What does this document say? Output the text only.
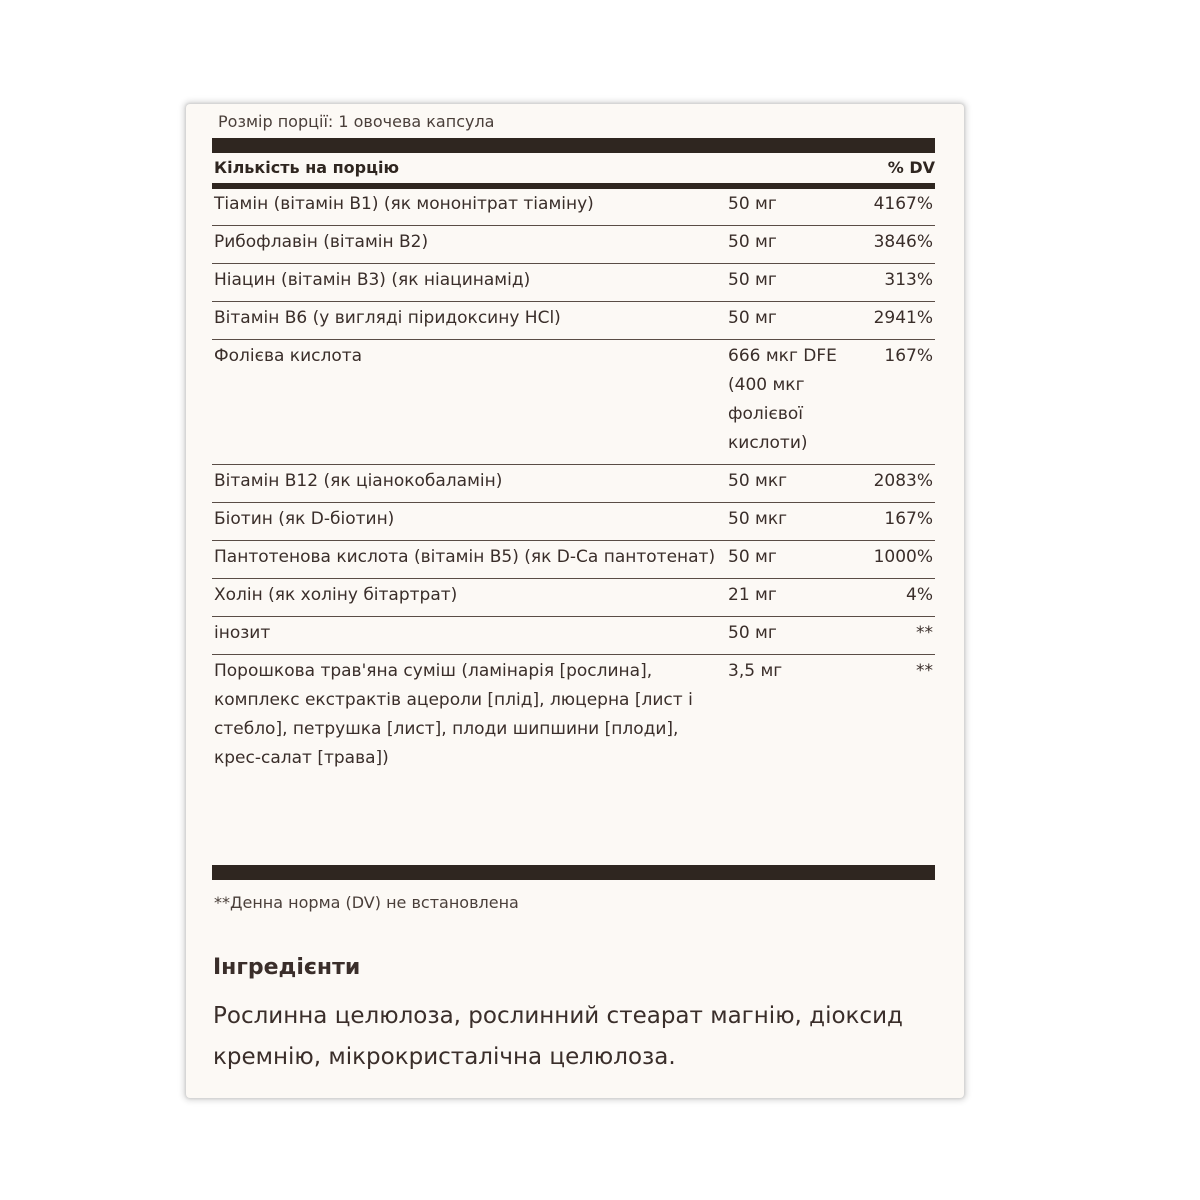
Розмір порції: 1 овочева капсула
Кількість на порцію	% DV
Тіамін (вітамін В1) (як мононітрат тіаміну)	50 мг	4167%

Рибофлавін (вітамін В2)	50 мг	3846%

Ніацин (вітамін В3) (як ніацинамід)	50 мг	313%

Вітамін В6 (у вигляді піридоксину HCl)	50 мг	2941%

Фолієва кислота	666 мкг DFE (400 мкг фолієвої кислоти)	167%

Вітамін В12 (як ціанокобаламін)	50 мкг	2083%

Біотин (як D-біотин)	50 мкг	167%

Пантотенова кислота (вітамін В5) (як D-Ca пантотенат)	50 мг	1000%

Холін (як холіну бітартрат)	21 мг	4%

інозит	50 мг	**

Порошкова трав'яна суміш (ламінарія [рослина], комплекс екстрактів ацероли [плід], люцерна [лист і стебло], петрушка [лист], плоди шипшини [плоди], крес-салат [трава])	3,5 мг	**
**Денна норма (DV) не встановлена
Інгредієнти
Рослинна целюлоза, рослинний стеарат магнію, діоксид кремнію, мікрокристалічна целюлоза.
